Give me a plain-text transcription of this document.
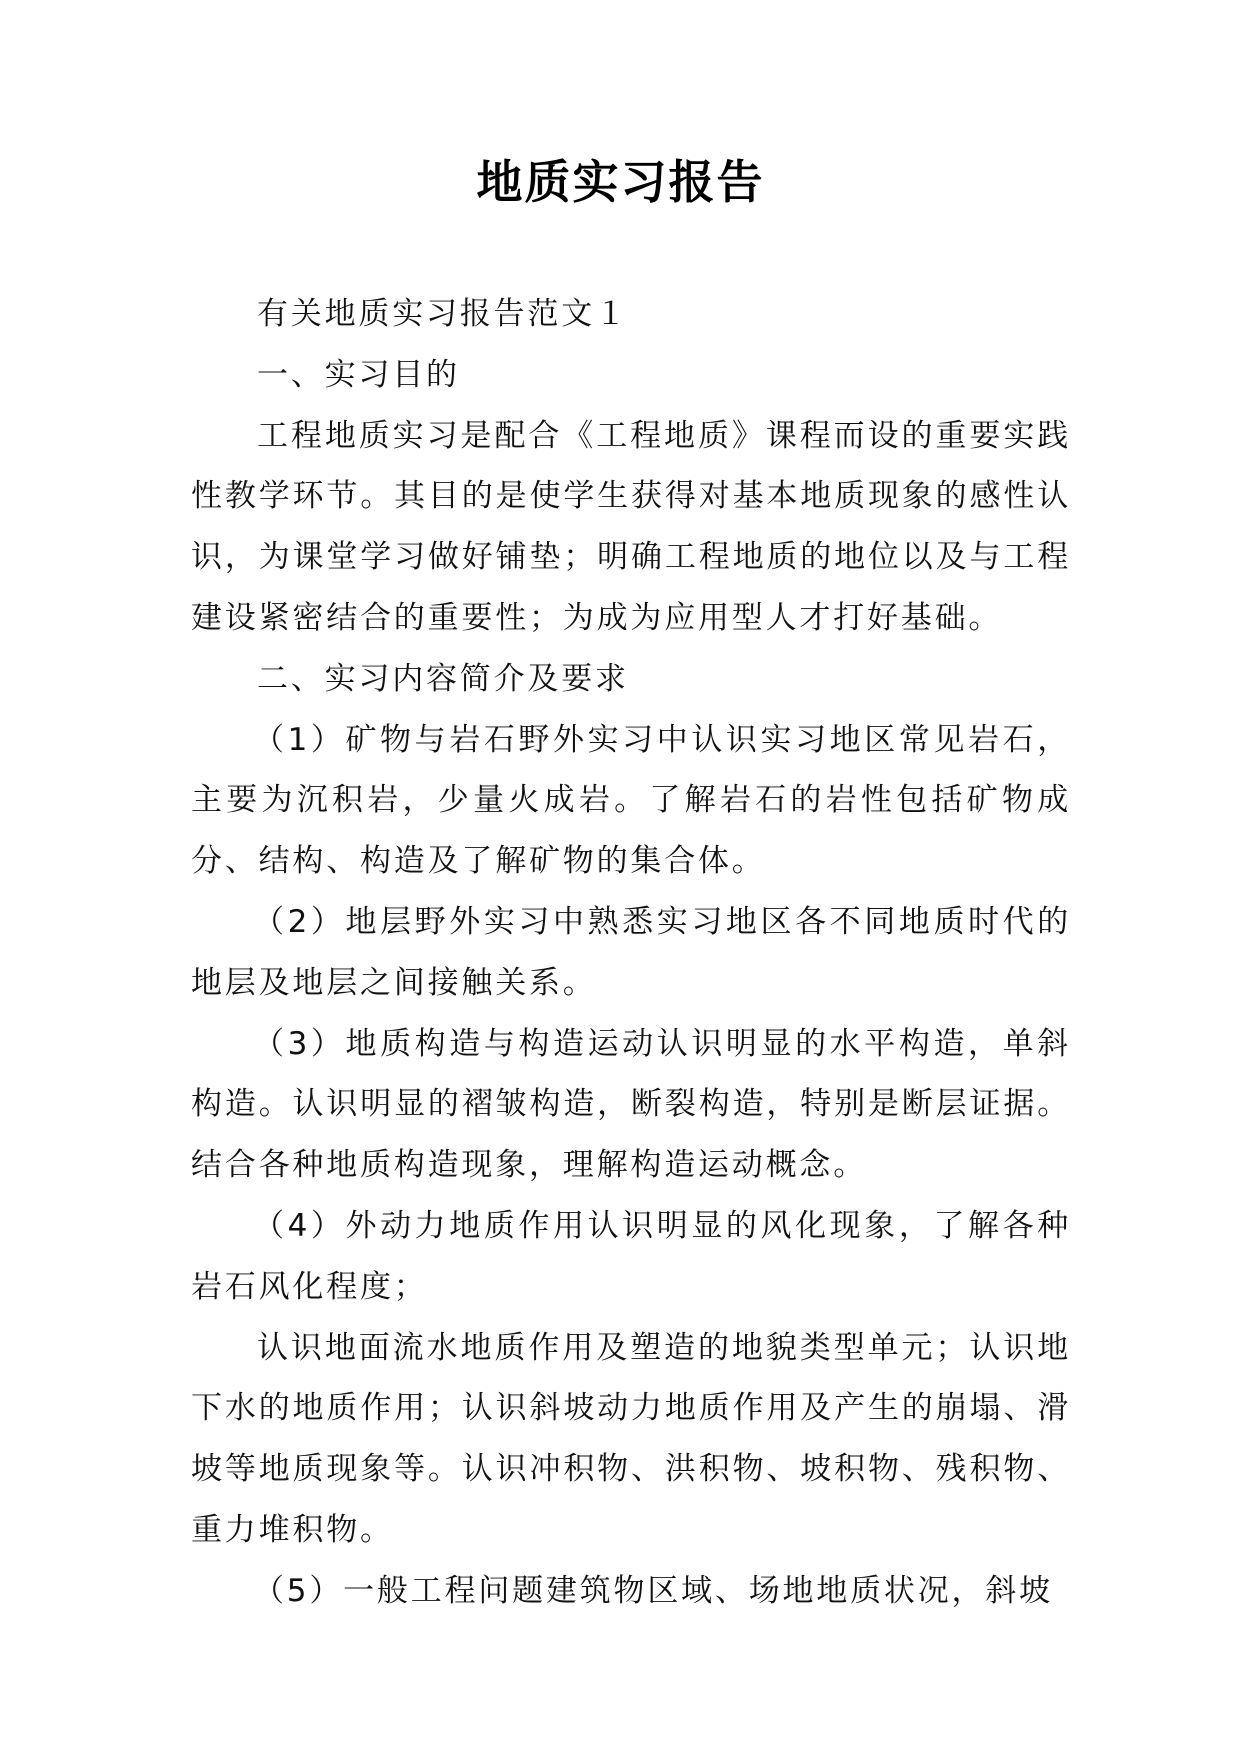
地质实习报告

有关地质实习报告范文１

一、实习目的

工程地质实习是配合《工程地质》课程而设的重要实践性教学环节。其目的是使学生获得对基本地质现象的感性认识，为课堂学习做好铺垫；明确工程地质的地位以及与工程建设紧密结合的重要性；为成为应用型人才打好基础。

二、实习内容简介及要求

（1）矿物与岩石野外实习中认识实习地区常见岩石，主要为沉积岩，少量火成岩。了解岩石的岩性包括矿物成分、结构、构造及了解矿物的集合体。

（2）地层野外实习中熟悉实习地区各不同地质时代的地层及地层之间接触关系。

（3）地质构造与构造运动认识明显的水平构造，单斜构造。认识明显的褶皱构造，断裂构造，特别是断层证据。结合各种地质构造现象，理解构造运动概念。

（4）外动力地质作用认识明显的风化现象，了解各种岩石风化程度；

认识地面流水地质作用及塑造的地貌类型单元；认识地下水的地质作用；认识斜坡动力地质作用及产生的崩塌、滑坡等地质现象等。认识冲积物、洪积物、坡积物、残积物、重力堆积物。

（5）一般工程问题建筑物区域、场地地质状况，斜坡
